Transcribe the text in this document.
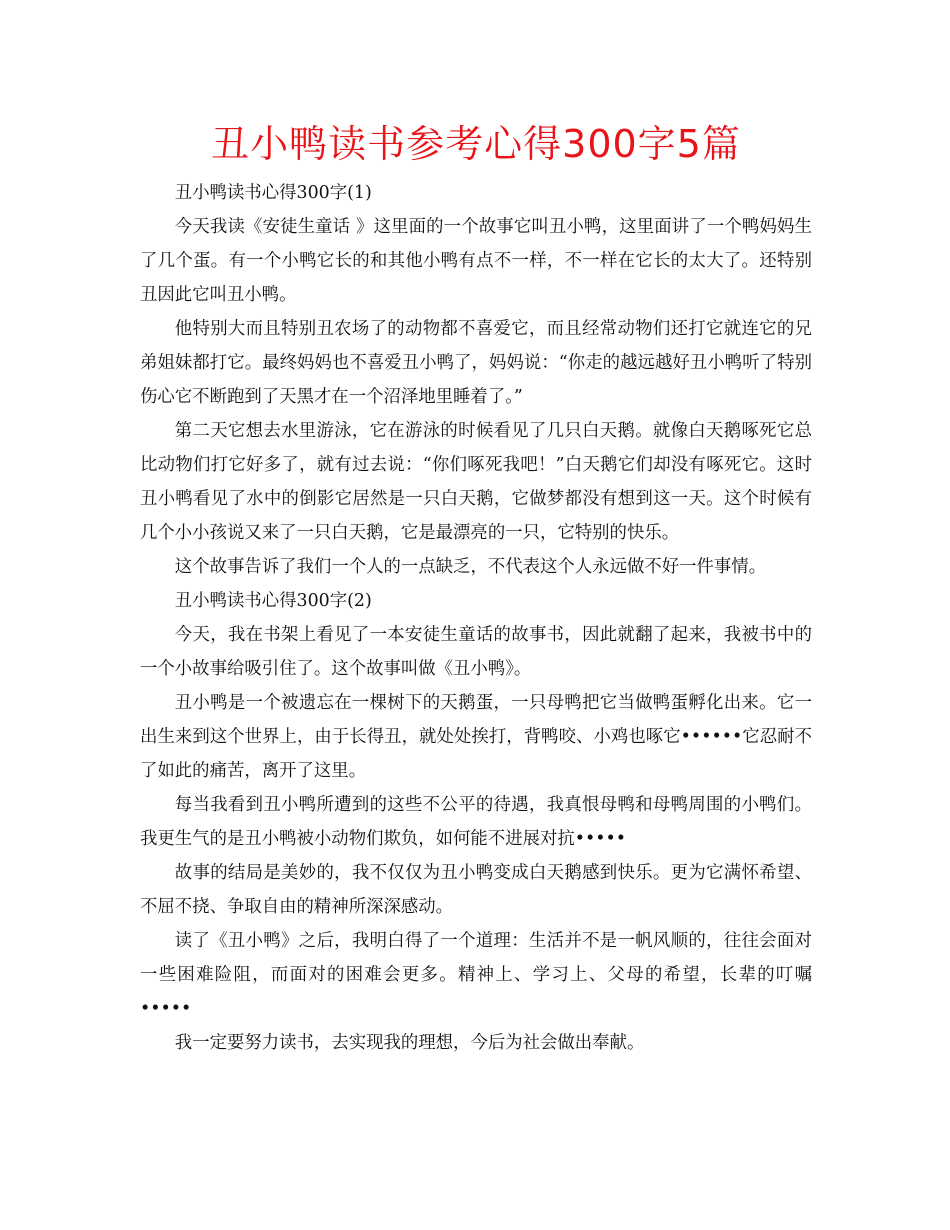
丑小鸭读书参考心得300字5篇

丑小鸭读书心得300字(1)

今天我读《安徒生童话 》这里面的一个故事它叫丑小鸭，这里面讲了一个鸭妈妈生了几个蛋。有一个小鸭它长的和其他小鸭有点不一样，不一样在它长的太大了。还特别丑因此它叫丑小鸭。

他特别大而且特别丑农场了的动物都不喜爱它，而且经常动物们还打它就连它的兄弟姐妹都打它。最终妈妈也不喜爱丑小鸭了，妈妈说：“你走的越远越好丑小鸭听了特别伤心它不断跑到了天黑才在一个沼泽地里睡着了。”

第二天它想去水里游泳，它在游泳的时候看见了几只白天鹅。就像白天鹅啄死它总比动物们打它好多了，就有过去说：“你们啄死我吧！”白天鹅它们却没有啄死它。这时丑小鸭看见了水中的倒影它居然是一只白天鹅，它做梦都没有想到这一天。这个时候有几个小小孩说又来了一只白天鹅，它是最漂亮的一只，它特别的快乐。

这个故事告诉了我们一个人的一点缺乏，不代表这个人永远做不好一件事情。

丑小鸭读书心得300字(2)

今天，我在书架上看见了一本安徒生童话的故事书，因此就翻了起来，我被书中的一个小故事给吸引住了。这个故事叫做《丑小鸭》。

丑小鸭是一个被遗忘在一棵树下的天鹅蛋，一只母鸭把它当做鸭蛋孵化出来。它一出生来到这个世界上，由于长得丑，就处处挨打，背鸭咬、小鸡也啄它••••••它忍耐不了如此的痛苦，离开了这里。

每当我看到丑小鸭所遭到的这些不公平的待遇，我真恨母鸭和母鸭周围的小鸭们。我更生气的是丑小鸭被小动物们欺负，如何能不进展对抗•••••

故事的结局是美妙的，我不仅仅为丑小鸭变成白天鹅感到快乐。更为它满怀希望、不屈不挠、争取自由的精神所深深感动。

读了《丑小鸭》之后，我明白得了一个道理：生活并不是一帆风顺的，往往会面对一些困难险阻，而面对的困难会更多。精神上、学习上、父母的希望，长辈的叮嘱•••••

我一定要努力读书，去实现我的理想，今后为社会做出奉献。
